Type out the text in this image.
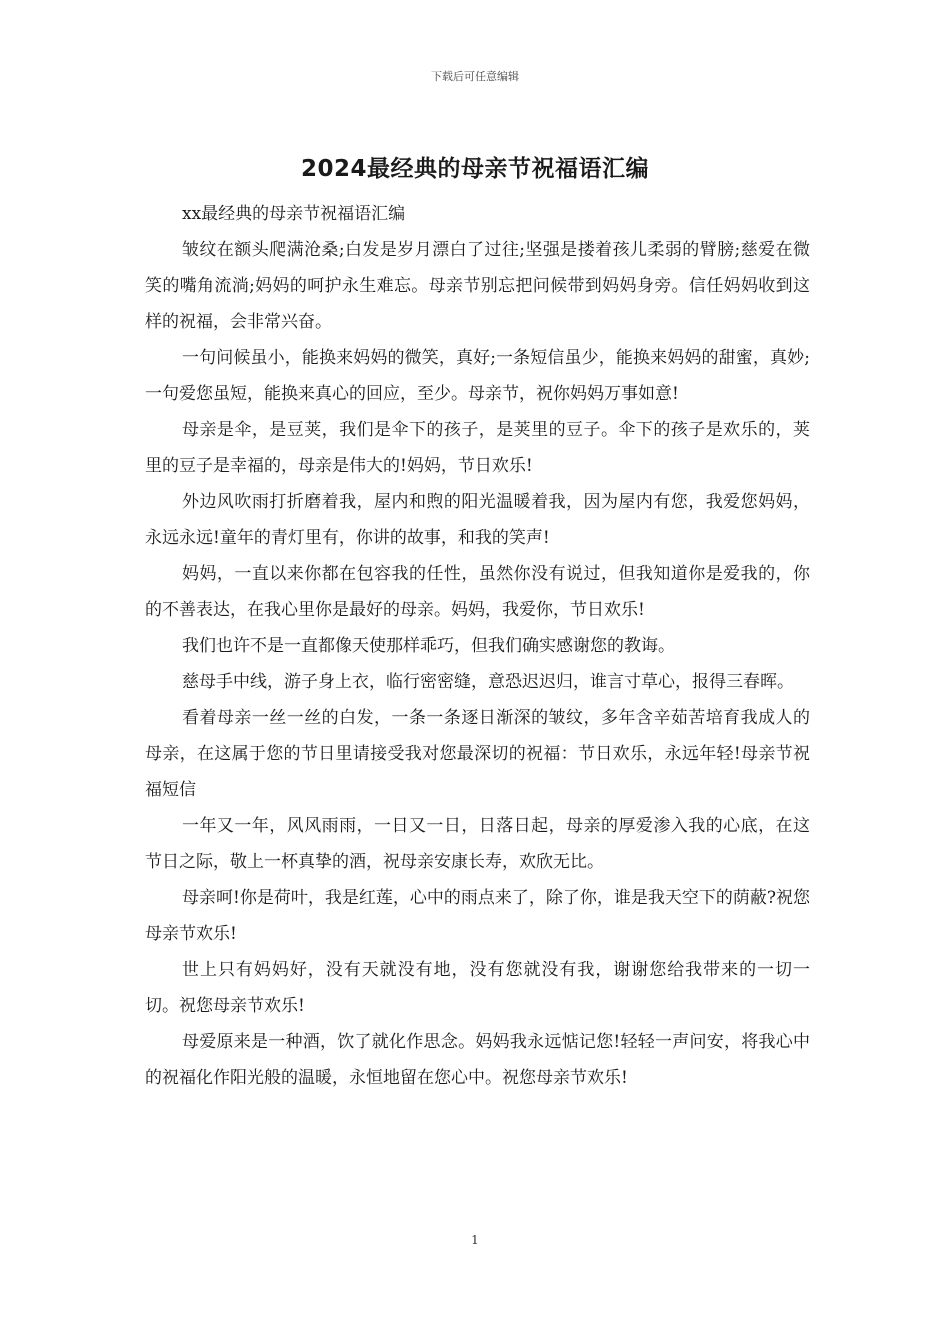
下载后可任意编辑
2024最经典的母亲节祝福语汇编

xx最经典的母亲节祝福语汇编

皱纹在额头爬满沧桑;白发是岁月漂白了过往;坚强是搂着孩儿柔弱的臂膀;慈爱在微笑的嘴角流淌;妈妈的呵护永生难忘。母亲节别忘把问候带到妈妈身旁。信任妈妈收到这样的祝福，会非常兴奋。

一句问候虽小，能换来妈妈的微笑，真好;一条短信虽少，能换来妈妈的甜蜜，真妙;一句爱您虽短，能换来真心的回应，至少。母亲节，祝你妈妈万事如意!

母亲是伞，是豆荚，我们是伞下的孩子，是荚里的豆子。伞下的孩子是欢乐的，荚里的豆子是幸福的，母亲是伟大的!妈妈，节日欢乐!

外边风吹雨打折磨着我，屋内和煦的阳光温暖着我，因为屋内有您，我爱您妈妈，永远永远!童年的青灯里有，你讲的故事，和我的笑声!

妈妈，一直以来你都在包容我的任性，虽然你没有说过，但我知道你是爱我的，你的不善表达，在我心里你是最好的母亲。妈妈，我爱你，节日欢乐!

我们也许不是一直都像天使那样乖巧，但我们确实感谢您的教诲。

慈母手中线，游子身上衣，临行密密缝，意恐迟迟归，谁言寸草心，报得三春晖。

看着母亲一丝一丝的白发，一条一条逐日渐深的皱纹，多年含辛茹苦培育我成人的母亲，在这属于您的节日里请接受我对您最深切的祝福：节日欢乐，永远年轻!母亲节祝福短信

一年又一年，风风雨雨，一日又一日，日落日起，母亲的厚爱渗入我的心底，在这节日之际，敬上一杯真挚的酒，祝母亲安康长寿，欢欣无比。

母亲呵!你是荷叶，我是红莲，心中的雨点来了，除了你，谁是我天空下的荫蔽?祝您母亲节欢乐!

世上只有妈妈好，没有天就没有地，没有您就没有我，谢谢您给我带来的一切一切。祝您母亲节欢乐!

母爱原来是一种酒，饮了就化作思念。妈妈我永远惦记您!轻轻一声问安，将我心中的祝福化作阳光般的温暖，永恒地留在您心中。祝您母亲节欢乐!

1
